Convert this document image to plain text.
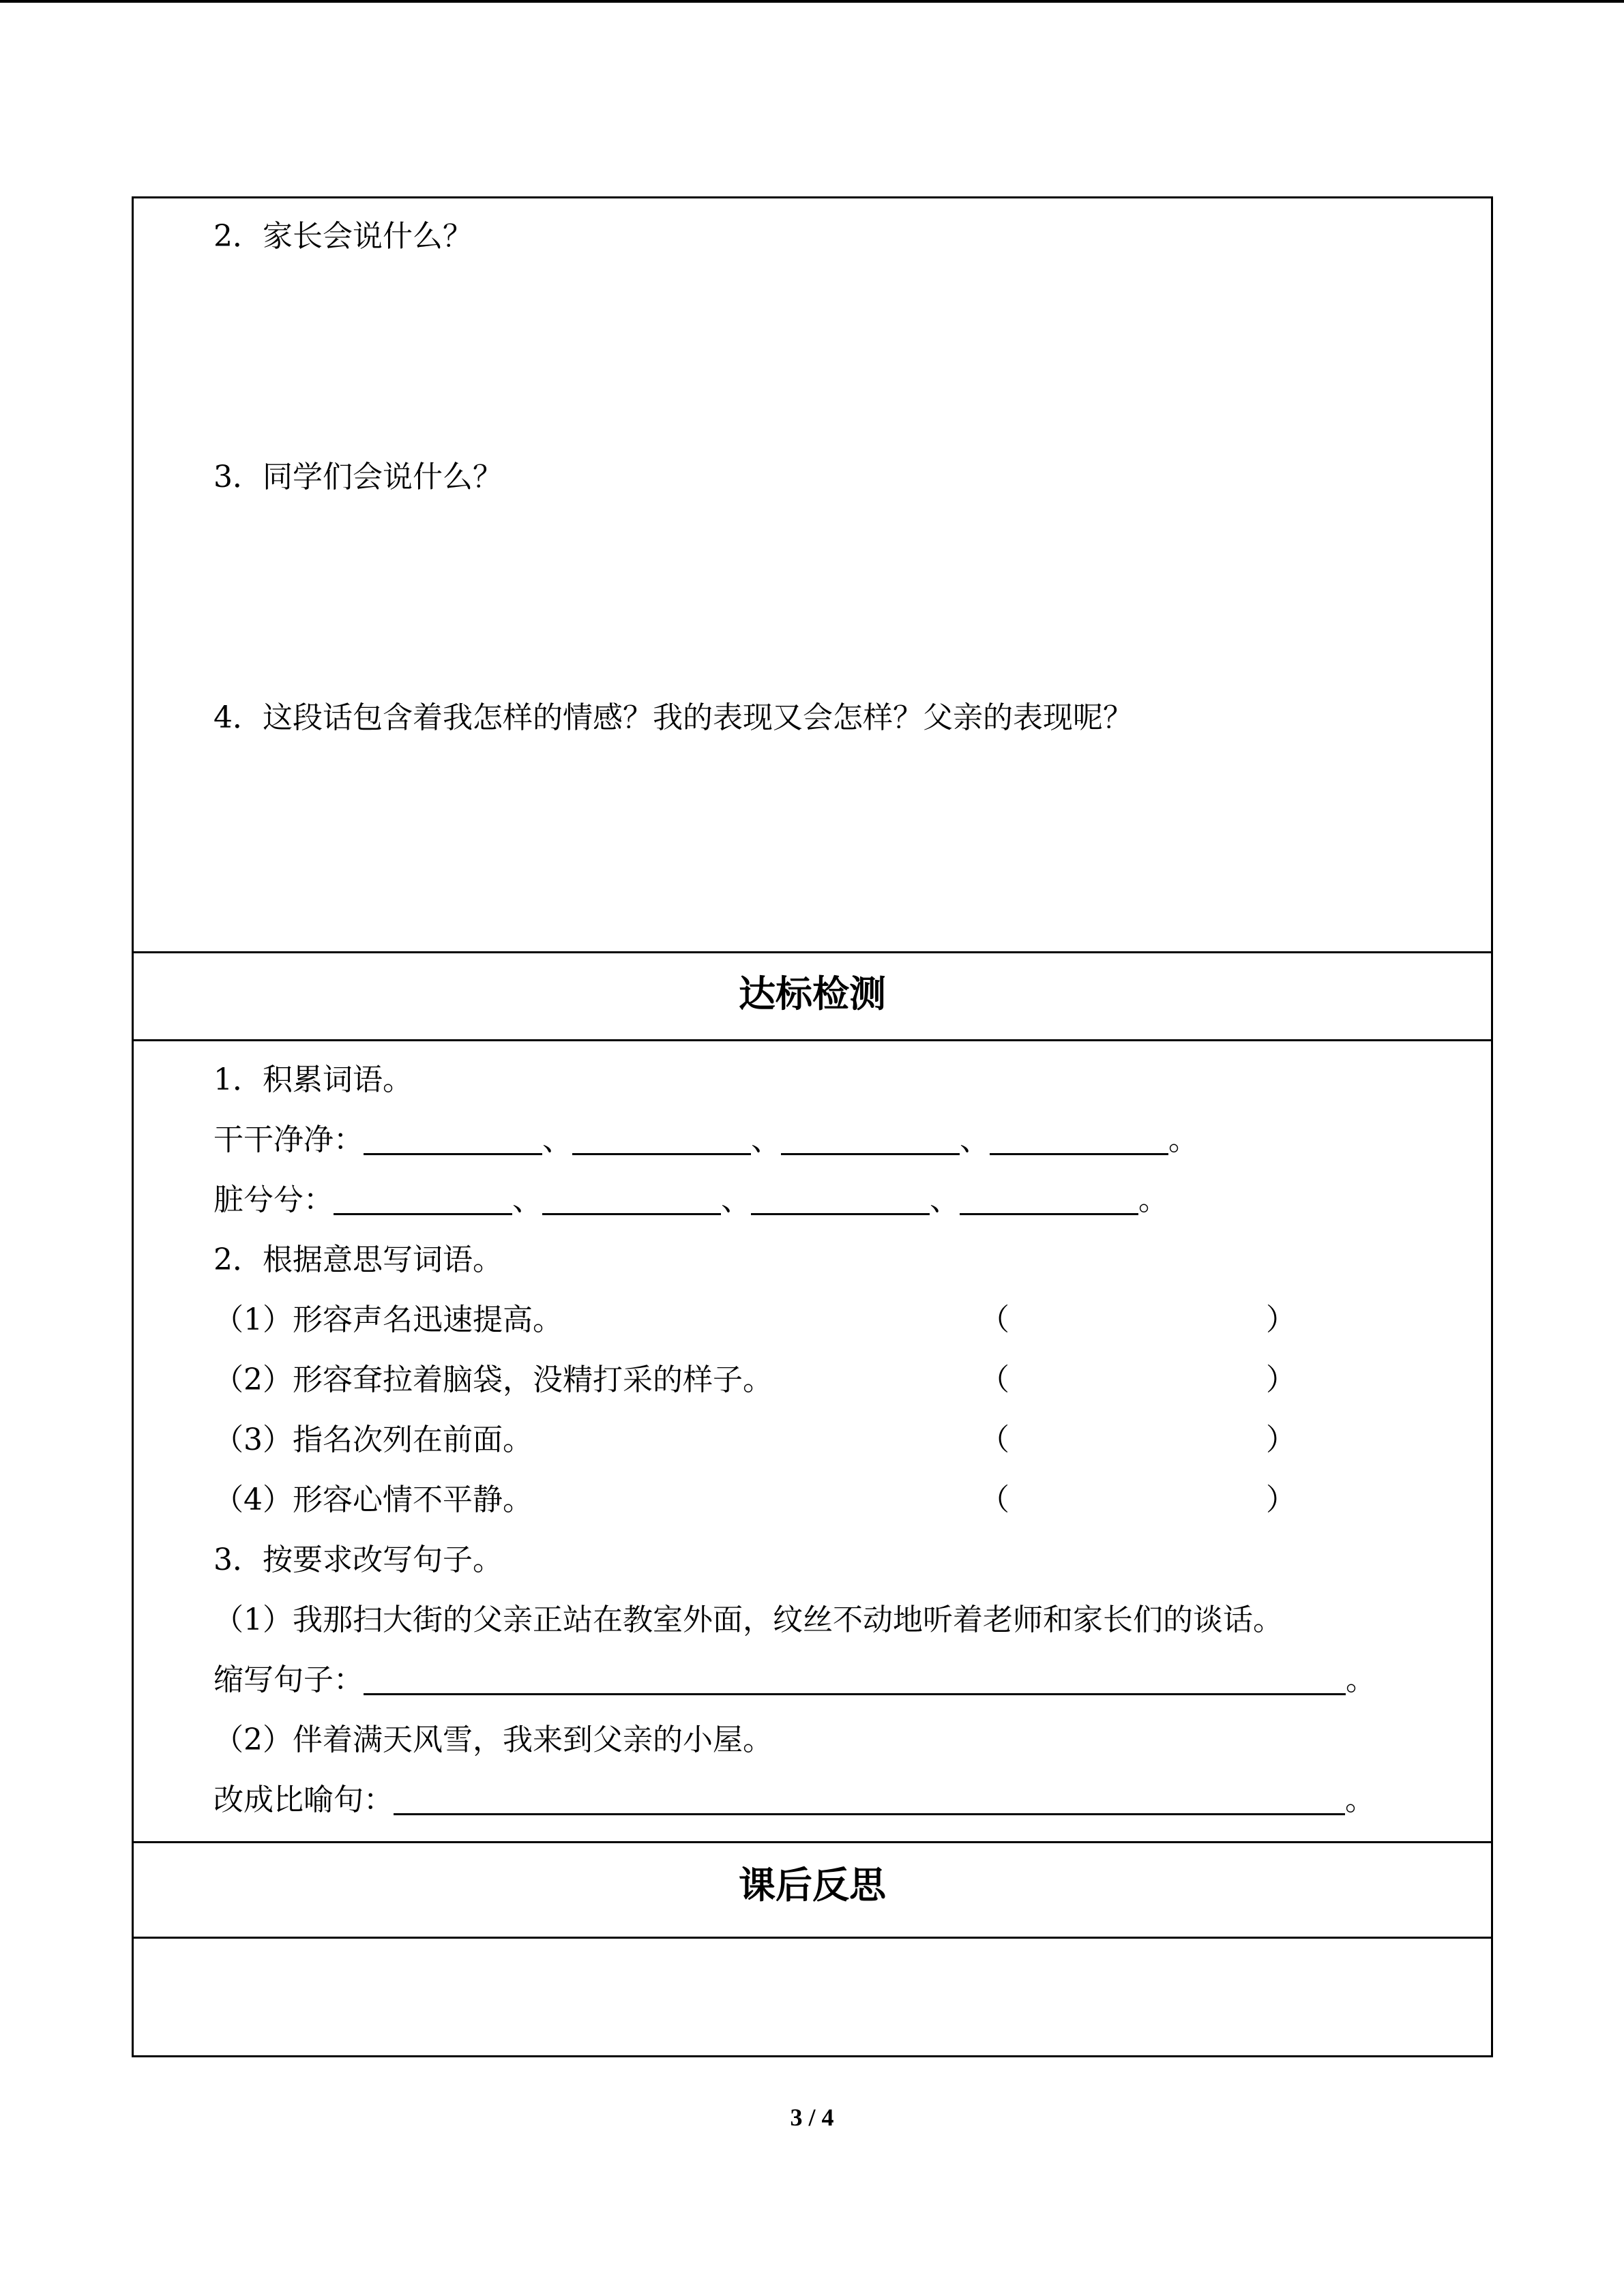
2．家长会说什么？
3．同学们会说什么？
4．这段话包含着我怎样的情感？我的表现又会怎样？父亲的表现呢？
达标检测
1．积累词语。
干干净净：	、	、	、	。
脏兮兮：	、	、	、	。
2．根据意思写词语。
（1）形容声名迅速提高。	（	）
（2）形容耷拉着脑袋，没精打采的样子。	（	）
（3）指名次列在前面。	（	）
（4）形容心情不平静。	（	）
3．按要求改写句子。
（1）我那扫大街的父亲正站在教室外面，纹丝不动地听着老师和家长们的谈话。
缩写句子：	。
（2）伴着满天风雪，我来到父亲的小屋。
改成比喻句：	。
课后反思
3 / 4
